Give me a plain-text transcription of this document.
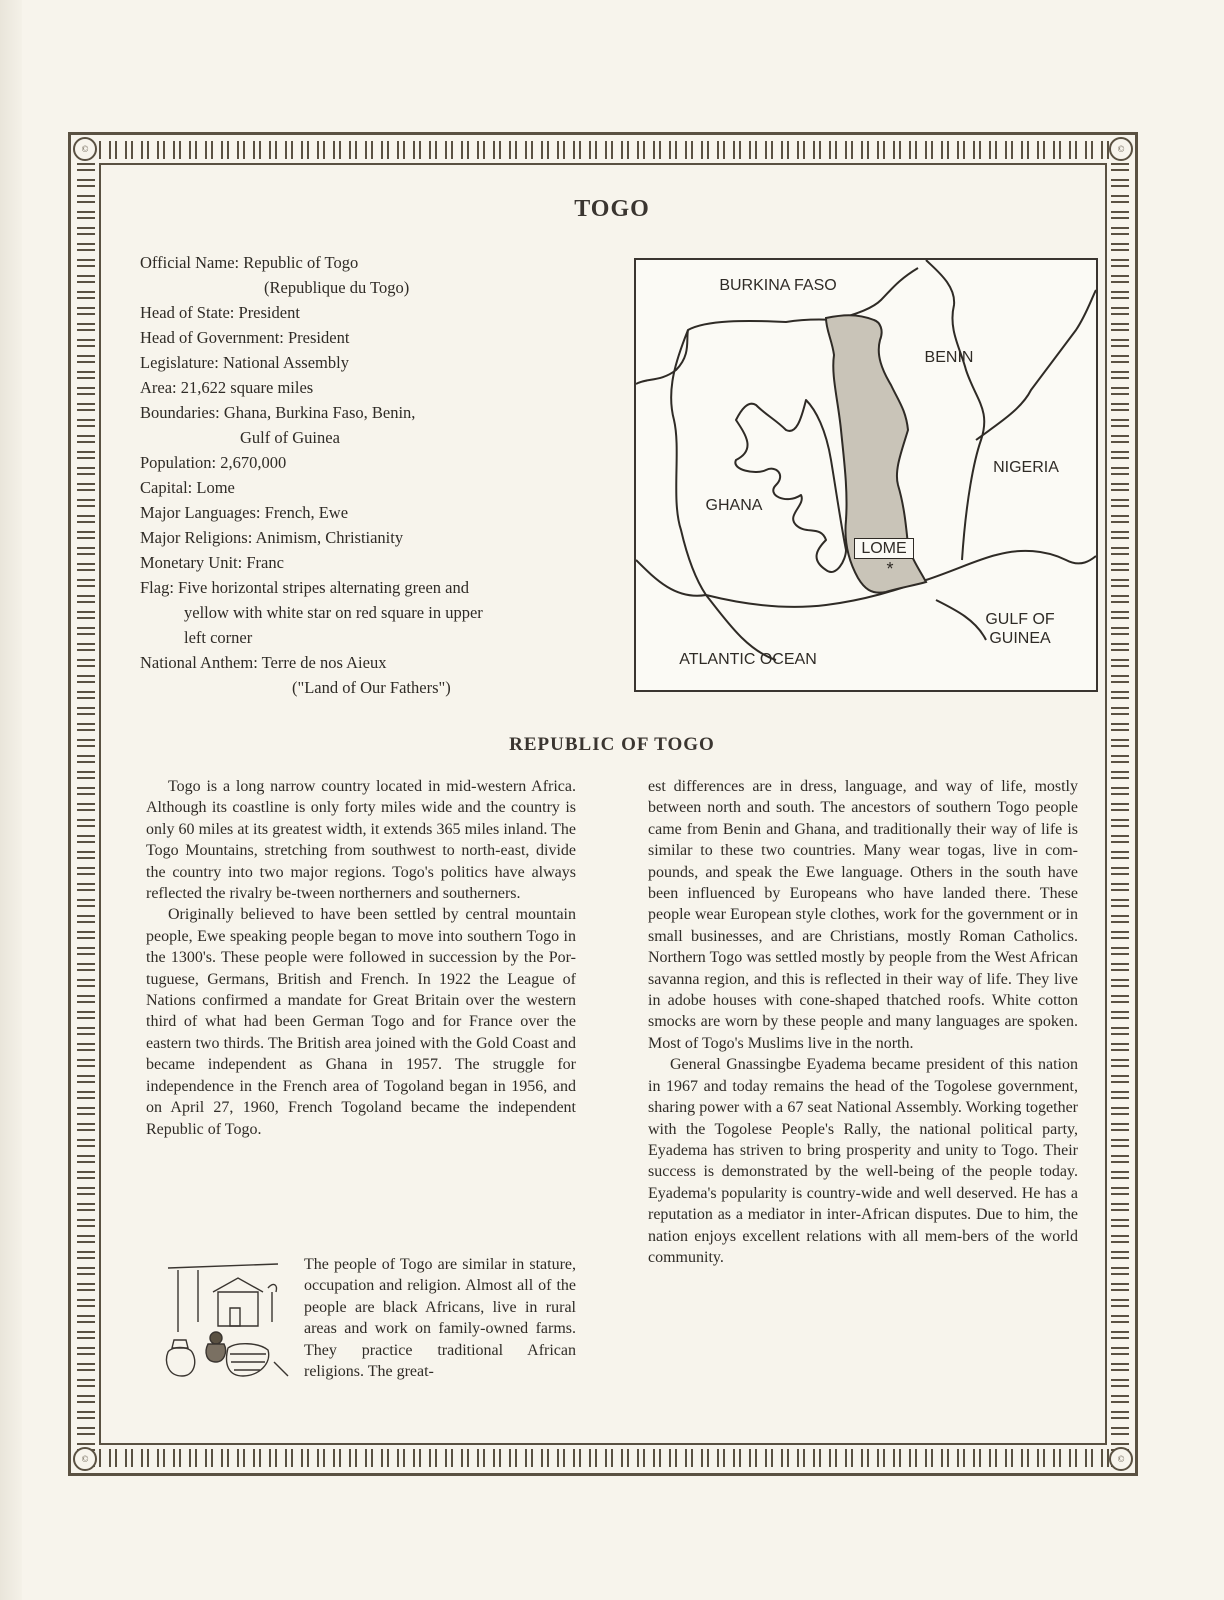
©	©
©	©
TOGO
Official Name: Republic of Togo
(Republique du Togo)
Head of State: President
Head of Government: President
Legislature: National Assembly
Area: 21,622 square miles
Boundaries: Ghana, Burkina Faso, Benin,
Gulf of Guinea
Population: 2,670,000
Capital: Lome
Major Languages: French, Ewe
Major Religions: Animism, Christianity
Monetary Unit: Franc
Flag: Five horizontal stripes alternating green and
yellow with white star on red square in upper
left corner
National Anthem: Terre de nos Aieux
("Land of Our Fathers")
BURKINA FASO
BENIN
NIGERIA
GHANA
LOME
*
GULF OF
GUINEA
ATLANTIC OCEAN
REPUBLIC OF TOGO

Togo is a long narrow country located in mid-western Africa. Although its coastline is only forty miles wide and the country is only 60 miles at its greatest width, it extends 365 miles inland. The Togo Mountains, stretching from southwest to north-east, divide the country into two major regions. Togo's politics have always reflected the rivalry be-tween northerners and southerners.

Originally believed to have been settled by central mountain people, Ewe speaking people began to move into southern Togo in the 1300's. These people were followed in succession by the Por-tuguese, Germans, British and French. In 1922 the League of Nations confirmed a mandate for Great Britain over the western third of what had been German Togo and for France over the eastern two thirds. The British area joined with the Gold Coast and became independent as Ghana in 1957. The struggle for independence in the French area of Togoland began in 1956, and on April 27, 1960, French Togoland became the independent Republic of Togo.

The people of Togo are similar in stature, occupation and religion. Almost all of the people are black Africans, live in rural areas and work on family-owned farms. They practice traditional African religions. The great-

est differences are in dress, language, and way of life, mostly between north and south. The ancestors of southern Togo people came from Benin and Ghana, and traditionally their way of life is similar to these two countries. Many wear togas, live in com-pounds, and speak the Ewe language. Others in the south have been influenced by Europeans who have landed there. These people wear European style clothes, work for the government or in small businesses, and are Christians, mostly Roman Catholics. Northern Togo was settled mostly by people from the West African savanna region, and this is reflected in their way of life. They live in adobe houses with cone-shaped thatched roofs. White cotton smocks are worn by these people and many languages are spoken. Most of Togo's Muslims live in the north.

General Gnassingbe Eyadema became president of this nation in 1967 and today remains the head of the Togolese government, sharing power with a 67 seat National Assembly. Working together with the Togolese People's Rally, the national political party, Eyadema has striven to bring prosperity and unity to Togo. Their success is demonstrated by the well-being of the people today. Eyadema's popularity is country-wide and well deserved. He has a reputation as a mediator in inter-African disputes. Due to him, the nation enjoys excellent relations with all mem-bers of the world community.
